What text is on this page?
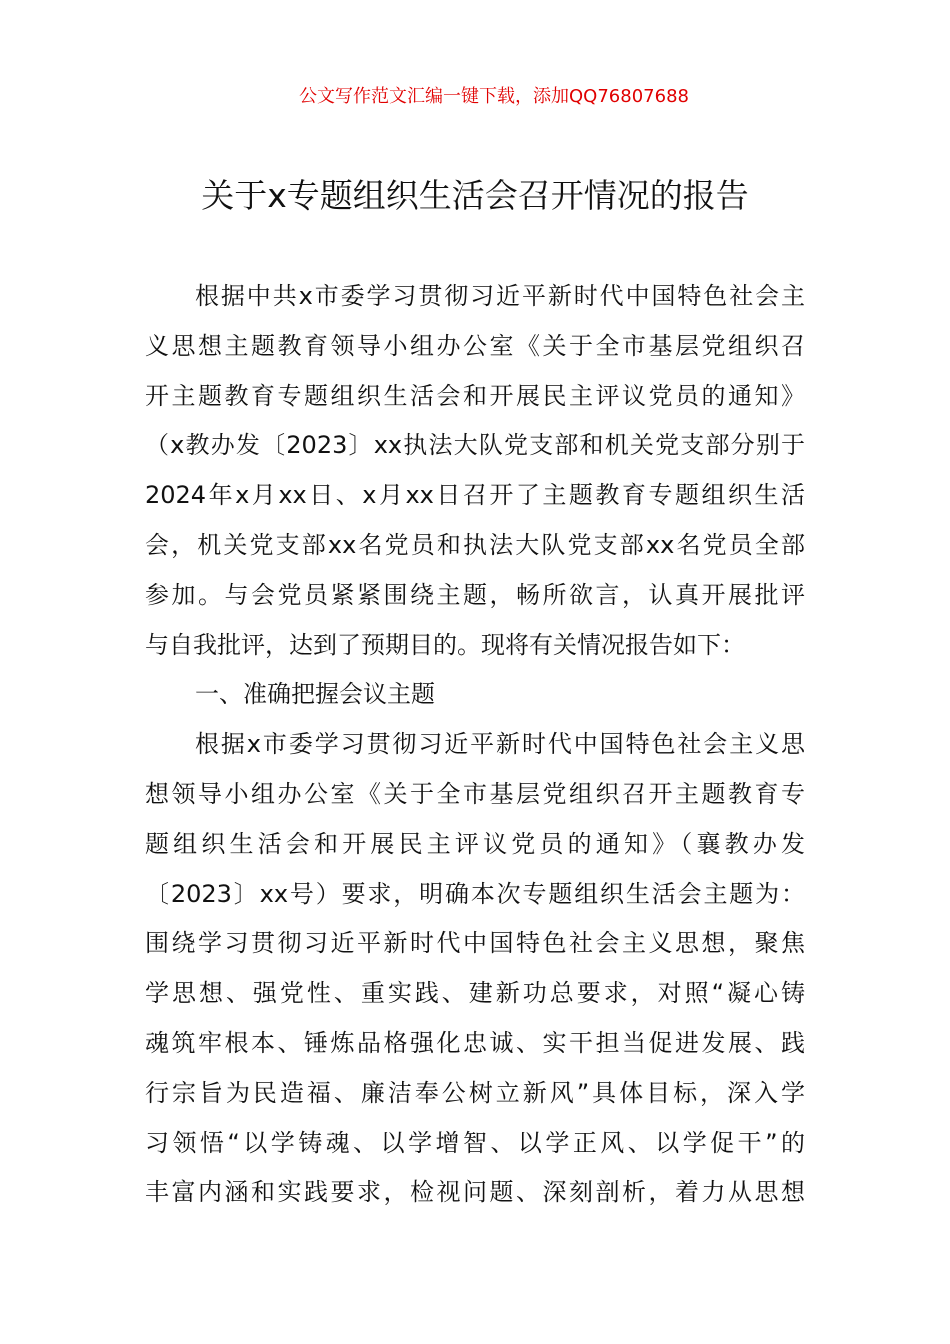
公文写作范文汇编一键下载，添加QQ76807688
关于x专题组织生活会召开情况的报告
根据中共x市委学习贯彻习近平新时代中国特色社会主
义思想主题教育领导小组办公室《关于全市基层党组织召
开主题教育专题组织生活会和开展民主评议党员的通知》
（x教办发〔2023〕xx执法大队党支部和机关党支部分别于
2024年x月xx日、x月xx日召开了主题教育专题组织生活
会，机关党支部xx名党员和执法大队党支部xx名党员全部
参加。与会党员紧紧围绕主题，畅所欲言，认真开展批评
与自我批评，达到了预期目的。现将有关情况报告如下：
一、准确把握会议主题
根据x市委学习贯彻习近平新时代中国特色社会主义思
想领导小组办公室《关于全市基层党组织召开主题教育专
题组织生活会和开展民主评议党员的通知》（襄教办发
〔2023〕xx号）要求，明确本次专题组织生活会主题为：
围绕学习贯彻习近平新时代中国特色社会主义思想，聚焦
学思想、强党性、重实践、建新功总要求，对照“凝心铸
魂筑牢根本、锤炼品格强化忠诚、实干担当促进发展、践
行宗旨为民造福、廉洁奉公树立新风”具体目标，深入学
习领悟“以学铸魂、以学增智、以学正风、以学促干”的
丰富内涵和实践要求，检视问题、深刻剖析，着力从思想
